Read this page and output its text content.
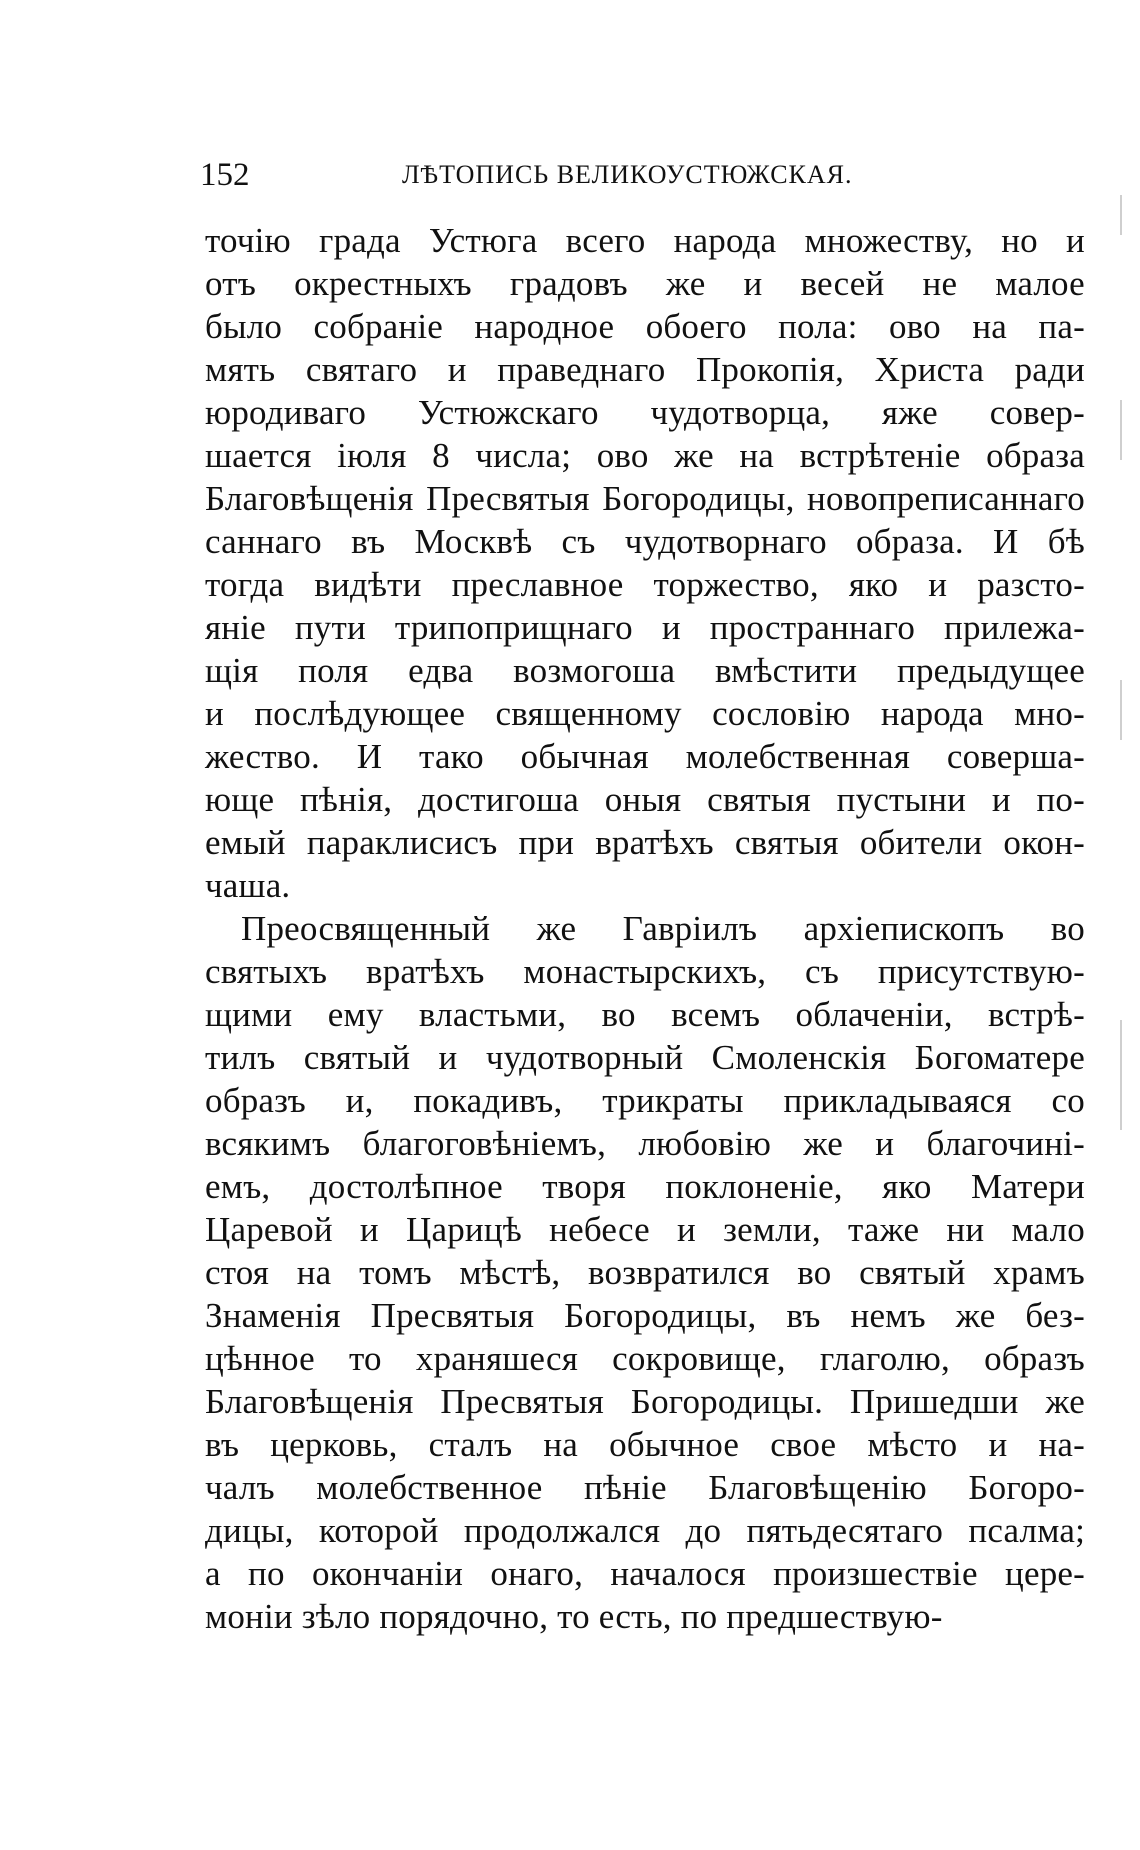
152	ЛѢТОПИСЬ ВЕЛИКОУСТЮЖСКАЯ.
точію града Устюга всего народа множеству, но и
отъ окрестныхъ градовъ же и весей не малое
было собраніе народное обоего пола: ово на па-
мять святаго и праведнаго Прокопія, Христа ради
юродиваго Устюжскаго чудотворца, яже совер-
шается іюля 8 числа; ово же на встрѣтеніе образа
Благовѣщенія Пресвятыя Богородицы, новопреписаннаго
саннаго въ Москвѣ съ чудотворнаго образа. И бѣ
тогда видѣти преславное торжество, яко и разсто-
яніе пути трипоприщнаго и пространнаго прилежа-
щія поля едва возмогоша вмѣстити предыдущее
и послѣдующее священному сословію народа мно-
жество. И тако обычная молебственная соверша-
юще пѣнія, достигоша оныя святыя пустыни и по-
емый параклисисъ при вратѣхъ святыя обители окон-
чаша.
Преосвященный же Гавріилъ архіепископъ во
святыхъ вратѣхъ монастырскихъ, съ присутствую-
щими ему властьми, во всемъ облаченіи, встрѣ-
тилъ святый и чудотворный Смоленскія Богоматере
образъ и, покадивъ, трикраты прикладываяся со
всякимъ благоговѣніемъ, любовію же и благочині-
емъ, достолѣпное творя поклоненіе, яко Матери
Царевой и Царицѣ небесе и земли, таже ни мало
стоя на томъ мѣстѣ, возвратился во святый храмъ
Знаменія Пресвятыя Богородицы, въ немъ же без-
цѣнное то храняшеся сокровище, глаголю, образъ
Благовѣщенія Пресвятыя Богородицы. Пришедши же
въ церковь, сталъ на обычное свое мѣсто и на-
чалъ молебственное пѣніе Благовѣщенію Богоро-
дицы, которой продолжался до пятьдесятаго псалма;
а по окончаніи онаго, началося произшествіе цере-
моніи зѣло порядочно, то есть, по предшествую-
